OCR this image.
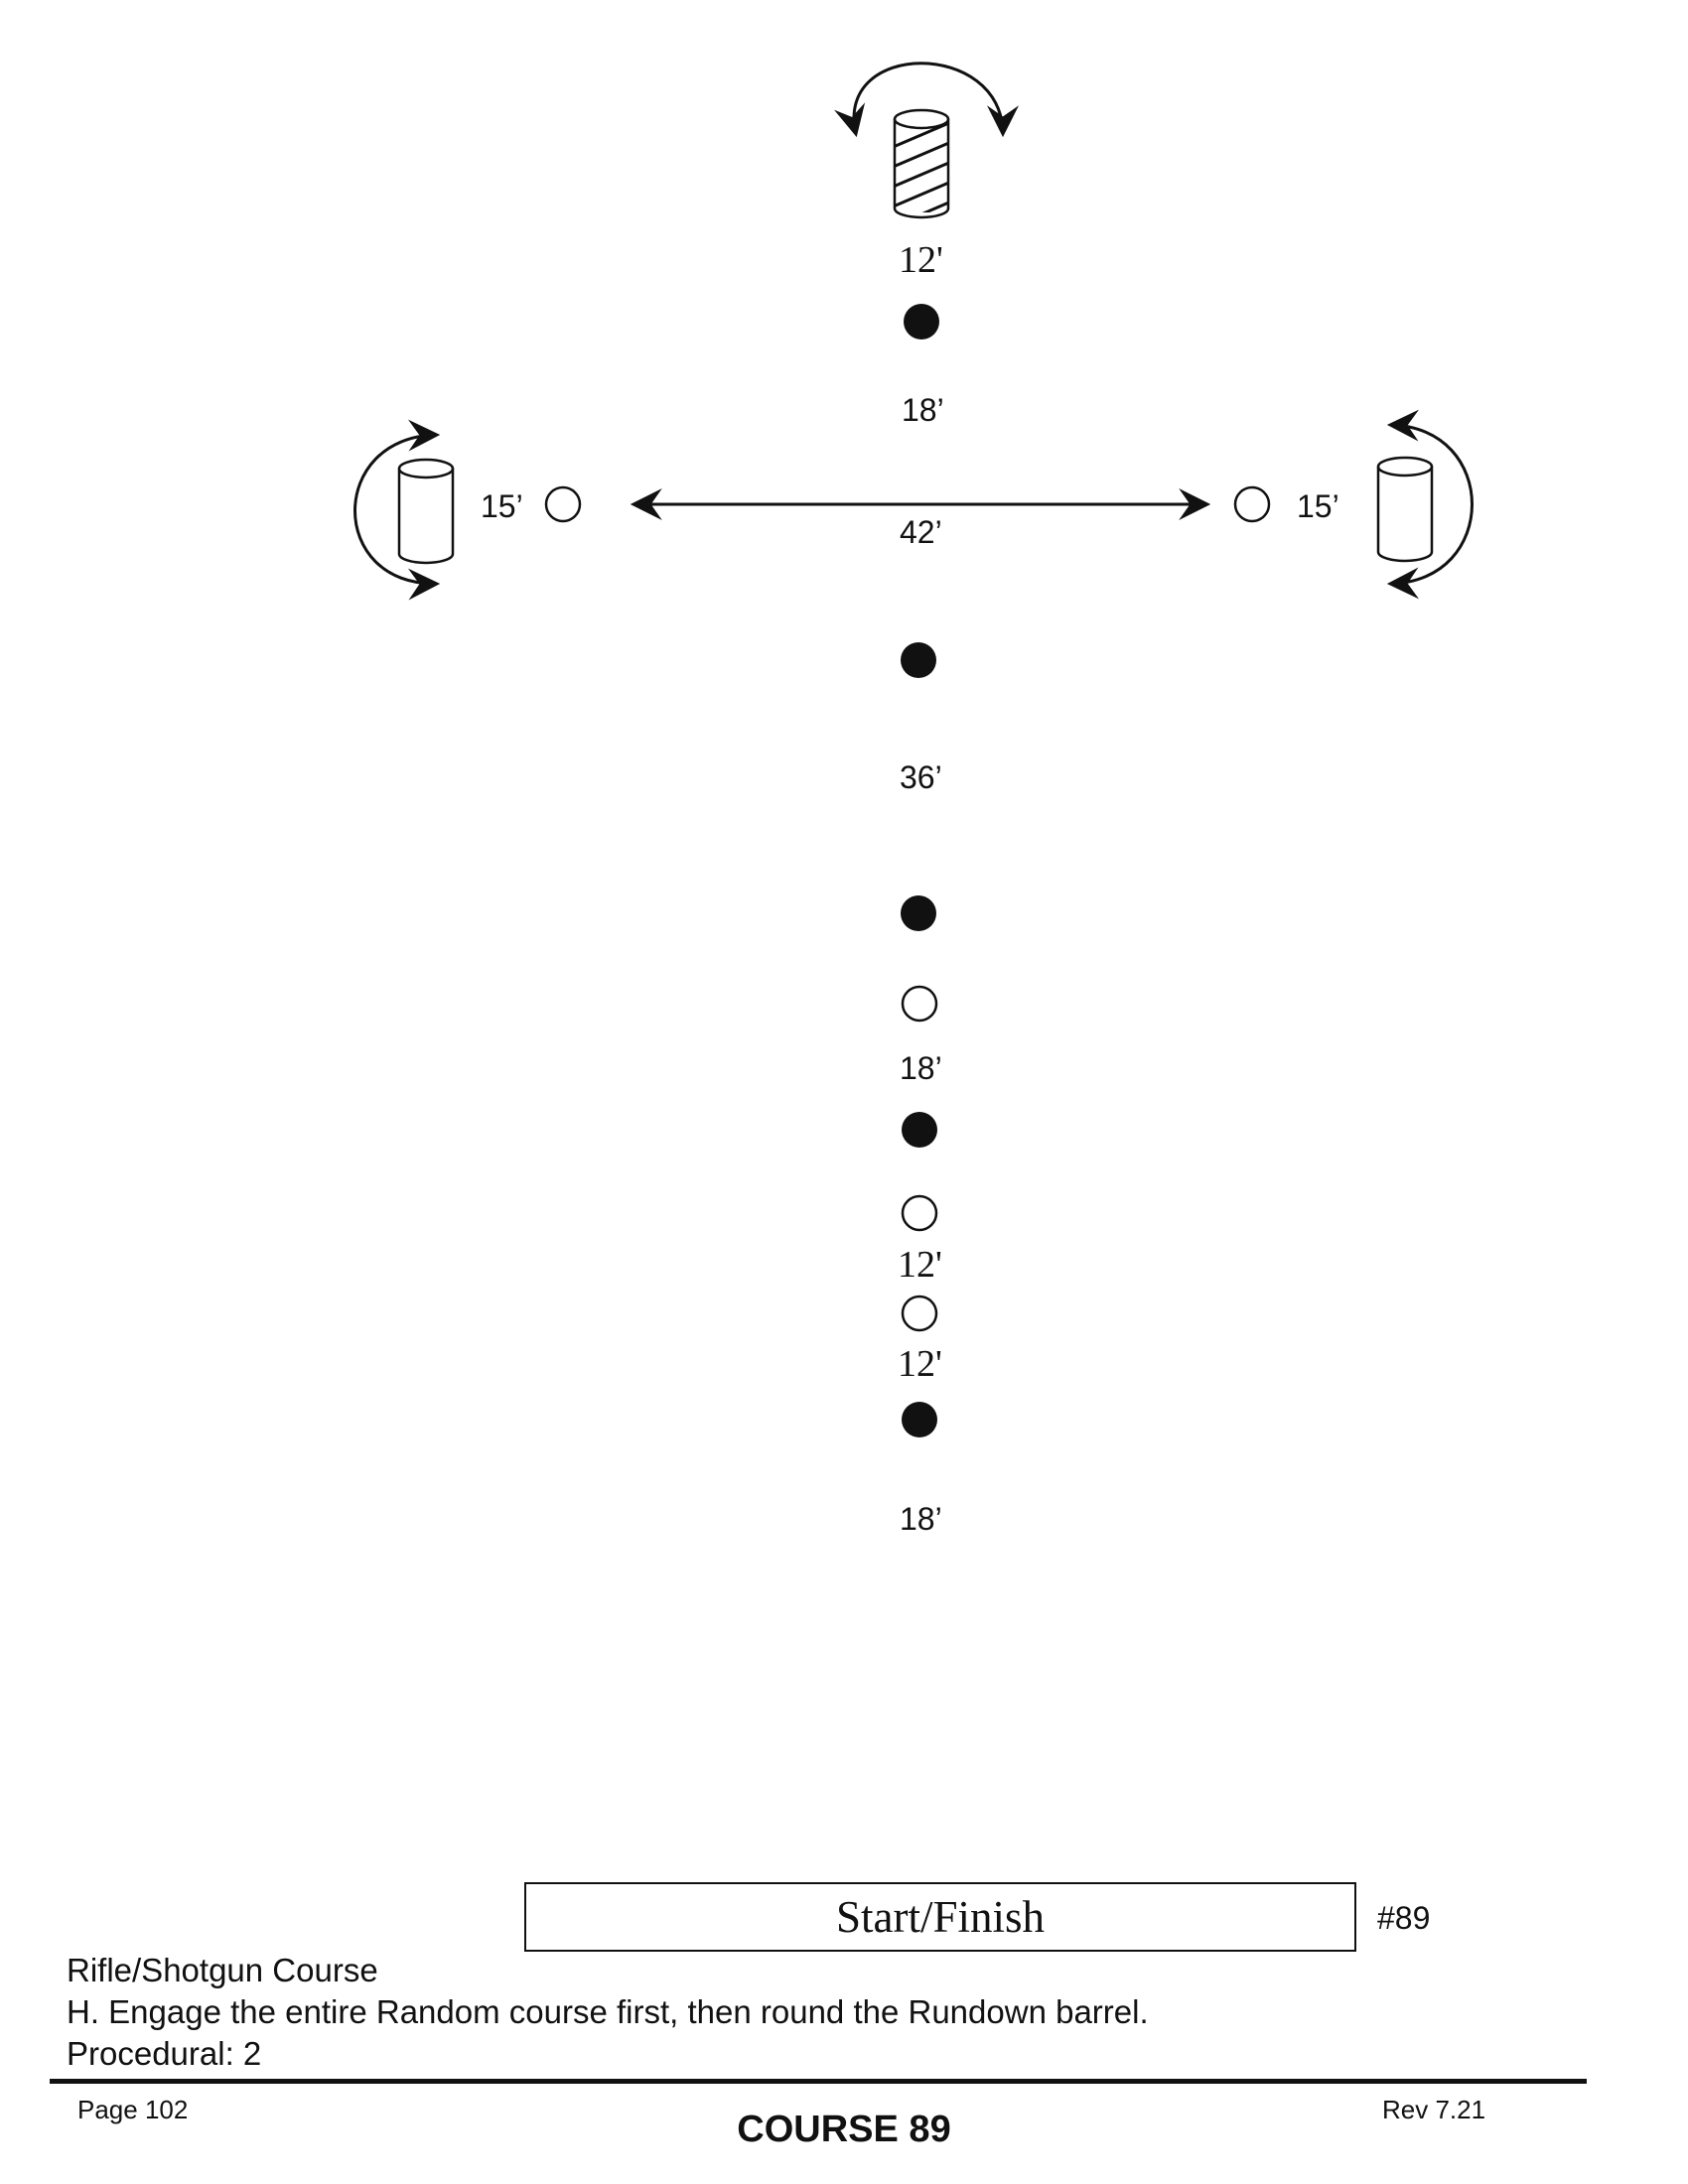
12'
18’
15’	15’
42’
36’
18’
12'
12'
18’
Start/Finish	#89
Rifle/Shotgun Course
H. Engage the entire Random course first, then round the Rundown barrel.
Procedural: 2
Page 102	COURSE 89	Rev 7.21
